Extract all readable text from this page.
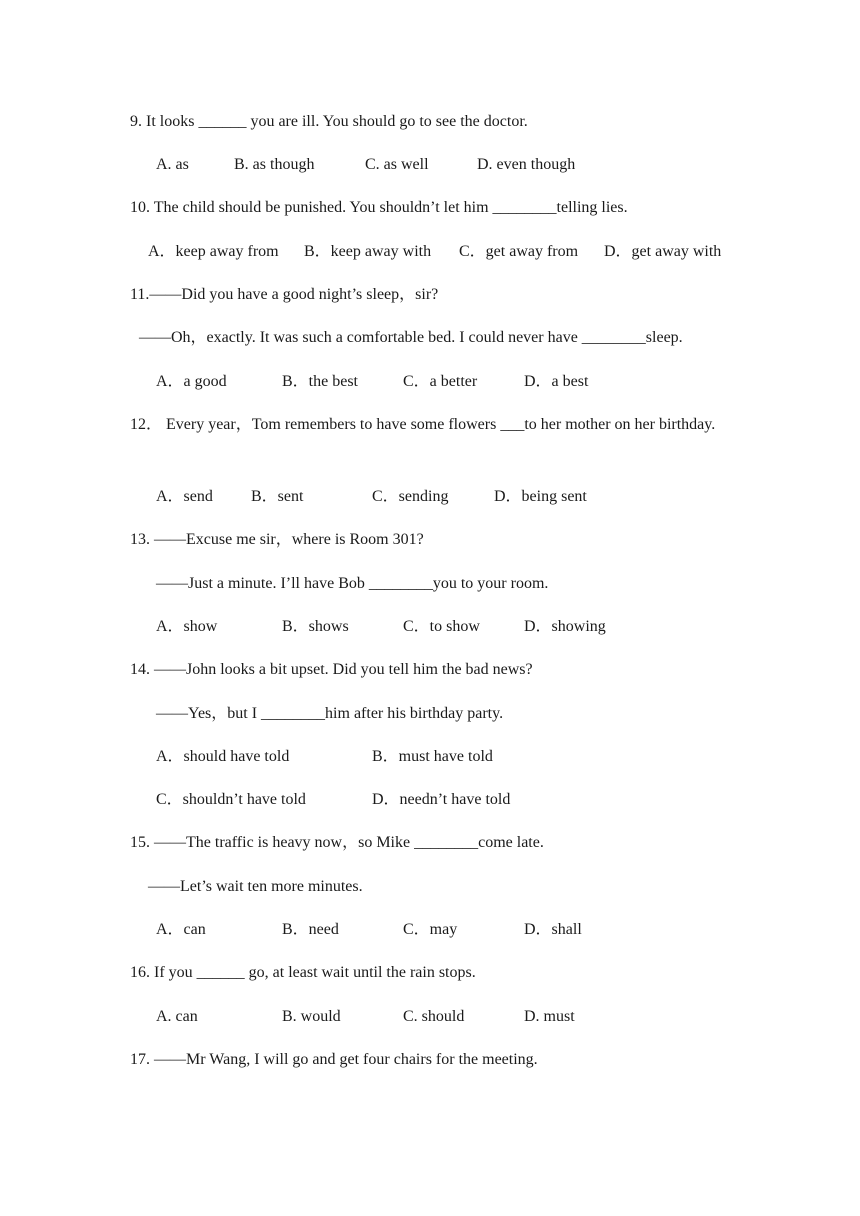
9. It looks ______ you are ill. You should go to see the doctor.
A. as	B. as though	C. as well	D. even though
10. The child should be punished. You shouldn’t let him ________telling lies.
A．keep away from B．keep away with C．get away from D．get away with
11.——Did you have a good night’s sleep，sir?
——Oh，exactly. It was such a comfortable bed. I could never have ________sleep.
A．a good	B．the best	C．a better	D．a best
12． Every year，Tom remembers to have some flowers ___to her mother on her birthday.
A．send B．sent	C．sending	D．being sent
13. ——Excuse me sir，where is Room 301?
——Just a minute. I’ll have Bob ________you to your room.
A．show	B．shows	C．to show	D．showing
14. ——John looks a bit upset. Did you tell him the bad news?
——Yes，but I ________him after his birthday party.
A．should have told	B．must have told
C．shouldn’t have told	D．needn’t have told
15. ——The traffic is heavy now，so Mike ________come late.
——Let’s wait ten more minutes.
A．can	B．need	C．may	D．shall
16. If you ______ go, at least wait until the rain stops.
A. can	B. would	C. should	D. must
17. ——Mr Wang, I will go and get four chairs for the meeting.
